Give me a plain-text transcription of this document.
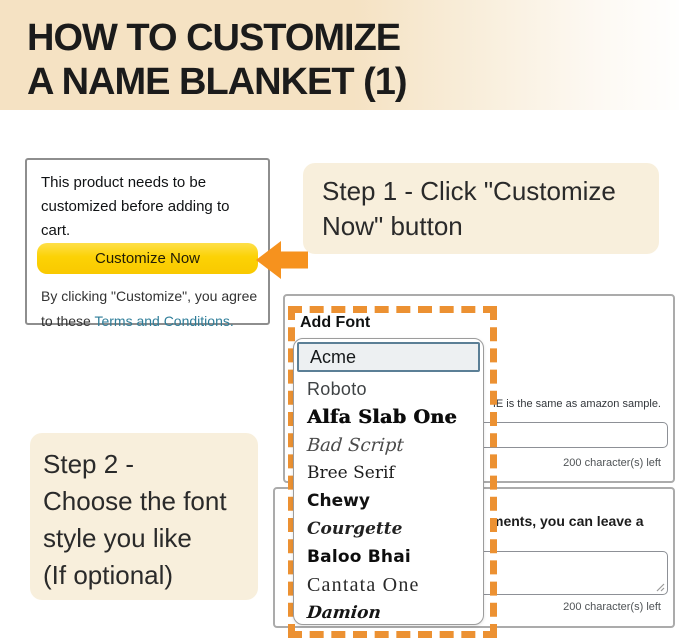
HOW TO CUSTOMIZE
A NAME BLANKET (1)
This product needs to be customized before adding to cart.
Customize Now
By clicking "Customize", you agree to these Terms and Conditions.
IE is the same as amazon sample.
200 character(s) left
ments, you can leave a
200 character(s) left
Add Font
Acme
Roboto
Alfa Slab One
Bad Script
Bree Serif
Chewy
Courgette
Baloo Bhai
Cantata One
Damion
Step 1 - Click "Customize
Now" button
Step 2 -
Choose the font
style you like
(If optional)
